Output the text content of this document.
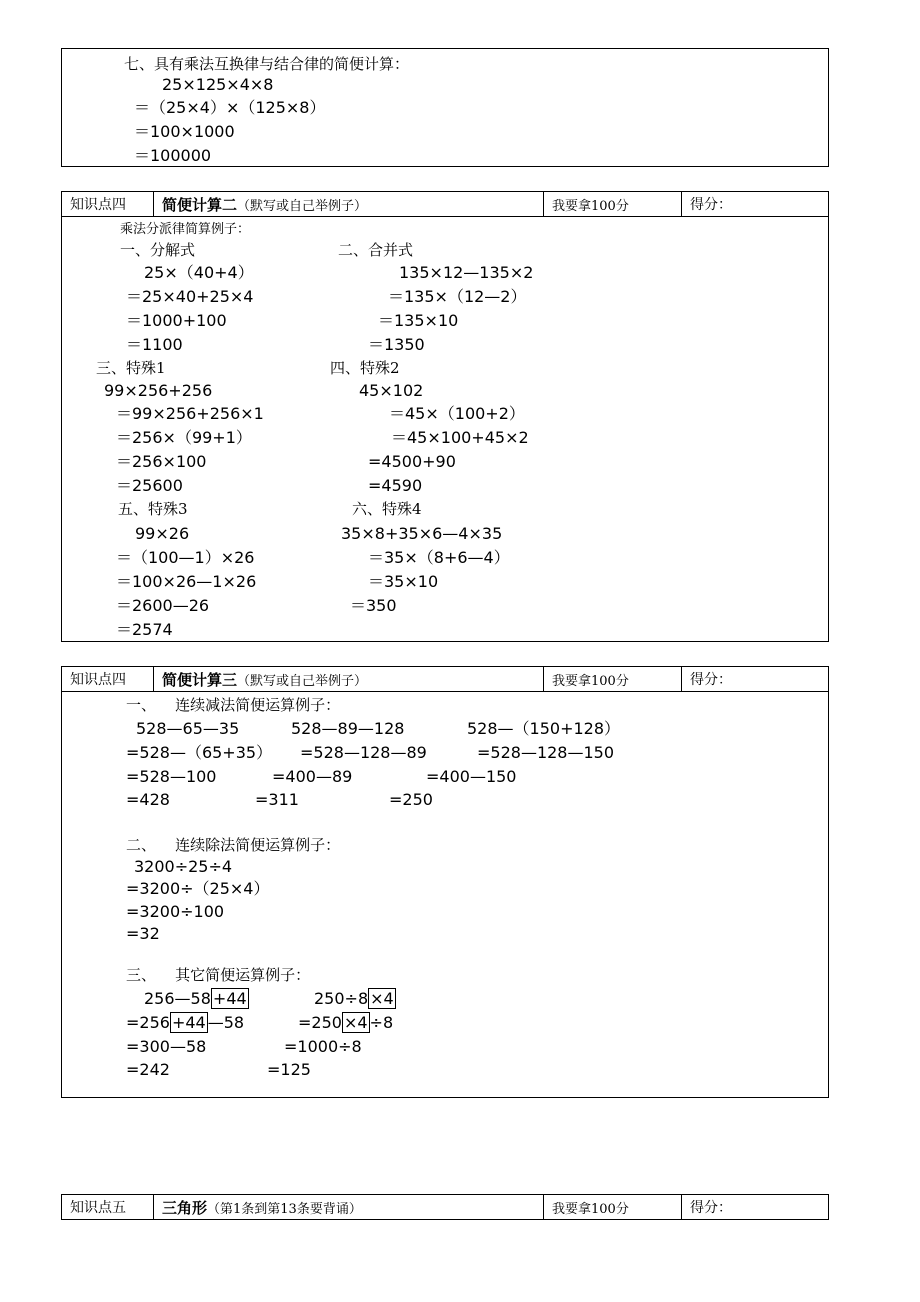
七、具有乘法互换律与结合律的简便计算：
25×125×4×8
＝（25×4）×（125×8）
＝100×1000
＝100000
知识点四	简便计算二 （默写或自己举例子）	我要拿100分	得分：
乘法分派律简算例子：
一、分解式
25×（40+4）
＝25×40+25×4
＝1000+100
＝1100
二、合并式
135×12—135×2
＝135×（12—2）
＝135×10
＝1350
三、特殊1
99×256+256
＝99×256+256×1
＝256×（99+1）
＝256×100
＝25600
四、特殊2
45×102
＝45×（100+2）
＝45×100+45×2
=4500+90
=4590
五、特殊3
99×26
＝（100—1）×26
＝100×26—1×26
＝2600—26
＝2574
六、特殊4
35×8+35×6—4×35
＝35×（8+6—4）
＝35×10
＝350
知识点四	简便计算三 （默写或自己举例子）	我要拿100分	得分：
一、    连续减法简便运算例子：
528—65—35
=528—（65+35）
=528—100
=428
528—89—128
=528—128—89
=400—89
=311
528—（150+128）
=528—128—150
=400—150
=250
二、    连续除法简便运算例子：
3200÷25÷4
=3200÷（25×4）
=3200÷100
=32
三、    其它简便运算例子：
256—58 +44
=256 +44 —58
=300—58
=242
250÷8 ×4
=250 ×4 ÷8
=1000÷8
=125
知识点五	三角形 （第1条到第13条要背诵）	我要拿100分	得分：
